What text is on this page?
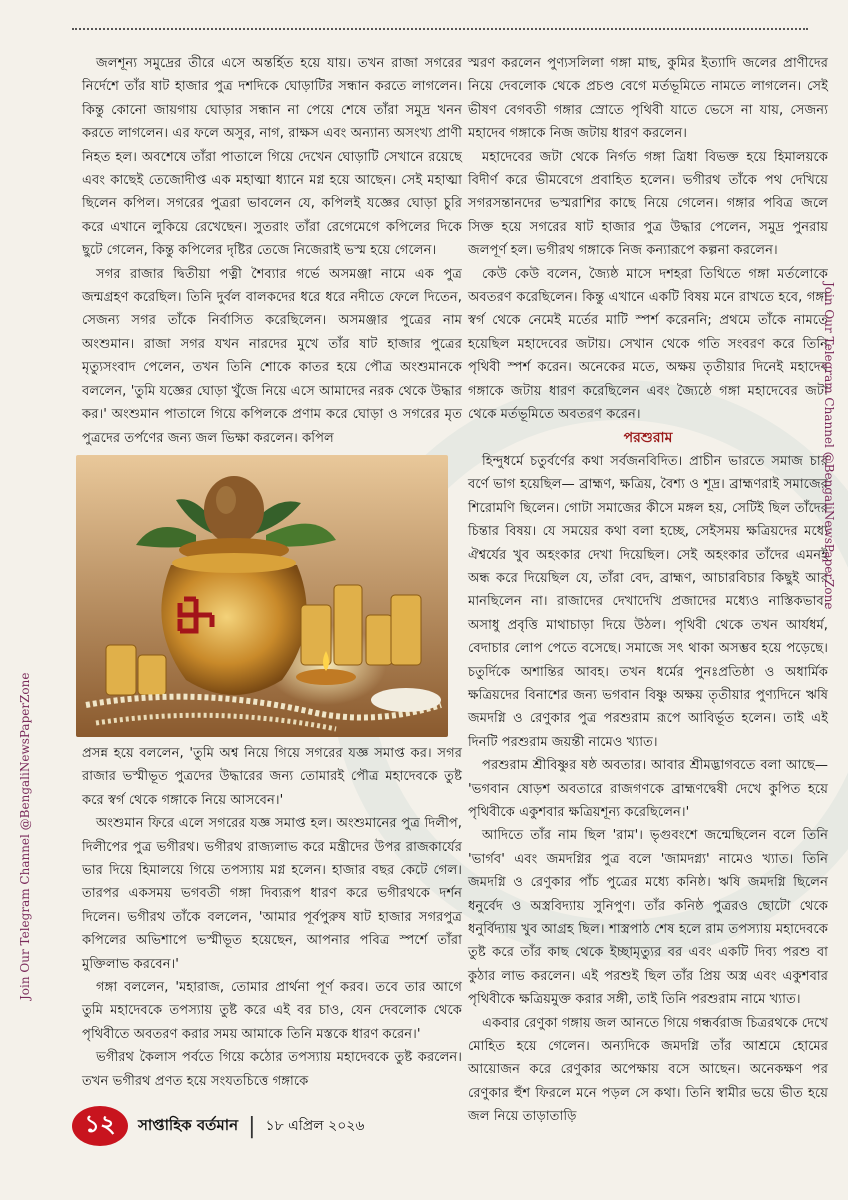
জলশূন্য সমুদ্রের তীরে এসে অন্তর্হিত হয়ে যায়। তখন রাজা সগরের নির্দেশে তাঁর ষাট হাজার পুত্র দশদিকে ঘোড়াটির সন্ধান করতে লাগলেন। কিন্তু কোনো জায়গায় ঘোড়ার সন্ধান না পেয়ে শেষে তাঁরা সমুদ্র খনন করতে লাগলেন। এর ফলে অসুর, নাগ, রাক্ষস এবং অন্যান্য অসংখ্য প্রাণী নিহত হল। অবশেষে তাঁরা পাতালে গিয়ে দেখেন ঘোড়াটি সেখানে রয়েছে এবং কাছেই তেজোদীপ্ত এক মহাত্মা ধ্যানে মগ্ন হয়ে আছেন। সেই মহাত্মা ছিলেন কপিল। সগরের পুত্ররা ভাবলেন যে, কপিলই যজ্ঞের ঘোড়া চুরি করে এখানে লুকিয়ে রেখেছেন। সুতরাং তাঁরা রেগেমেগে কপিলের দিকে ছুটে গেলেন, কিন্তু কপিলের দৃষ্টির তেজে নিজেরাই ভস্ম হয়ে গেলেন।

সগর রাজার দ্বিতীয়া পত্নী শৈব্যার গর্ভে অসমঞ্জা নামে এক পুত্র জন্মগ্রহণ করেছিল। তিনি দুর্বল বালকদের ধরে ধরে নদীতে ফেলে দিতেন, সেজন্য সগর তাঁকে নির্বাসিত করেছিলেন। অসমঞ্জার পুত্রের নাম অংশুমান। রাজা সগর যখন নারদের মুখে তাঁর ষাট হাজার পুত্রের মৃত্যুসংবাদ পেলেন, তখন তিনি শোকে কাতর হয়ে পৌত্র অংশুমানকে বললেন, 'তুমি যজ্ঞের ঘোড়া খুঁজে নিয়ে এসে আমাদের নরক থেকে উদ্ধার কর।' অংশুমান পাতালে গিয়ে কপিলকে প্রণাম করে ঘোড়া ও সগরের মৃত পুত্রদের তর্পণের জন্য জল ভিক্ষা করলেন। কপিল

প্রসন্ন হয়ে বললেন, 'তুমি অশ্ব নিয়ে গিয়ে সগরের যজ্ঞ সমাপ্ত কর। সগর রাজার ভস্মীভূত পুত্রদের উদ্ধারের জন্য তোমারই পৌত্র মহাদেবকে তুষ্ট করে স্বর্গ থেকে গঙ্গাকে নিয়ে আসবেন।'

অংশুমান ফিরে এলে সগরের যজ্ঞ সমাপ্ত হল। অংশুমানের পুত্র দিলীপ, দিলীপের পুত্র ভগীরথ। ভগীরথ রাজ্যলাভ করে মন্ত্রীদের উপর রাজকার্যের ভার দিয়ে হিমালয়ে গিয়ে তপস্যায় মগ্ন হলেন। হাজার বছর কেটে গেল। তারপর একসময় ভগবতী গঙ্গা দিব্যরূপ ধারণ করে ভগীরথকে দর্শন দিলেন। ভগীরথ তাঁকে বললেন, 'আমার পূর্বপুরুষ ষাট হাজার সগরপুত্র কপিলের অভিশাপে ভস্মীভূত হয়েছেন, আপনার পবিত্র স্পর্শে তাঁরা মুক্তিলাভ করবেন।'

গঙ্গা বললেন, 'মহারাজ, তোমার প্রার্থনা পূর্ণ করব। তবে তার আগে তুমি মহাদেবকে তপস্যায় তুষ্ট করে এই বর চাও, যেন দেবলোক থেকে পৃথিবীতে অবতরণ করার সময় আমাকে তিনি মস্তকে ধারণ করেন।'

ভগীরথ কৈলাস পর্বতে গিয়ে কঠোর তপস্যায় মহাদেবকে তুষ্ট করলেন। তখন ভগীরথ প্রণত হয়ে সংযতচিত্তে গঙ্গাকে

স্মরণ করলেন পুণ্যসলিলা গঙ্গা মাছ, কুমির ইত্যাদি জলের প্রাণীদের নিয়ে দেবলোক থেকে প্রচণ্ড বেগে মর্তভূমিতে নামতে লাগলেন। সেই ভীষণ বেগবতী গঙ্গার স্রোতে পৃথিবী যাতে ভেসে না যায়, সেজন্য মহাদেব গঙ্গাকে নিজ জটায় ধারণ করলেন।

মহাদেবের জটা থেকে নির্গত গঙ্গা ত্রিধা বিভক্ত হয়ে হিমালয়কে বিদীর্ণ করে ভীমবেগে প্রবাহিত হলেন। ভগীরথ তাঁকে পথ দেখিয়ে সগরসন্তানদের ভস্মরাশির কাছে নিয়ে গেলেন। গঙ্গার পবিত্র জলে সিক্ত হয়ে সগরের ষাট হাজার পুত্র উদ্ধার পেলেন, সমুদ্র পুনরায় জলপূর্ণ হল। ভগীরথ গঙ্গাকে নিজ কন্যারূপে কল্পনা করলেন।

কেউ কেউ বলেন, জ্যৈষ্ঠ মাসে দশহরা তিথিতে গঙ্গা মর্তলোকে অবতরণ করেছিলেন। কিন্তু এখানে একটি বিষয় মনে রাখতে হবে, গঙ্গা স্বর্গ থেকে নেমেই মর্তের মাটি স্পর্শ করেননি; প্রথমে তাঁকে নামতে হয়েছিল মহাদেবের জটায়। সেখান থেকে গতি সংবরণ করে তিনি পৃথিবী স্পর্শ করেন। অনেকের মতে, অক্ষয় তৃতীয়ার দিনেই মহাদেব গঙ্গাকে জটায় ধারণ করেছিলেন এবং জ্যৈষ্ঠে গঙ্গা মহাদেবের জটা থেকে মর্তভূমিতে অবতরণ করেন।

পরশুরাম

হিন্দুধর্মে চতুর্বর্ণের কথা সর্বজনবিদিত। প্রাচীন ভারতে সমাজ চার বর্ণে ভাগ হয়েছিল— ব্রাহ্মণ, ক্ষত্রিয়, বৈশ্য ও শূদ্র। ব্রাহ্মণরাই সমাজের শিরোমণি ছিলেন। গোটা সমাজের কীসে মঙ্গল হয়, সেটিই ছিল তাঁদের চিন্তার বিষয়। যে সময়ের কথা বলা হচ্ছে, সেইসময় ক্ষত্রিয়দের মধ্যে ঐশ্বর্যের খুব অহংকার দেখা দিয়েছিল। সেই অহংকার তাঁদের এমনই অন্ধ করে দিয়েছিল যে, তাঁরা বেদ, ব্রাহ্মণ, আচারবিচার কিছুই আর মানছিলেন না। রাজাদের দেখাদেখি প্রজাদের মধ্যেও নাস্তিকভাব, অসাধু প্রবৃত্তি মাথাচাড়া দিয়ে উঠল। পৃথিবী থেকে তখন আর্যধর্ম, বেদাচার লোপ পেতে বসেছে। সমাজে সৎ থাকা অসম্ভব হয়ে পড়েছে। চতুর্দিকে অশান্তির আবহ। তখন ধর্মের পুনঃপ্রতিষ্ঠা ও অধার্মিক ক্ষত্রিয়দের বিনাশের জন্য ভগবান বিষ্ণু অক্ষয় তৃতীয়ার পুণ্যদিনে ঋষি জমদগ্নি ও রেণুকার পুত্র পরশুরাম রূপে আবির্ভূত হলেন। তাই এই দিনটি পরশুরাম জয়ন্তী নামেও খ্যাত।

পরশুরাম শ্রীবিষ্ণুর ষষ্ঠ অবতার। আবার শ্রীমদ্ভাগবতে বলা আছে— 'ভগবান ষোড়শ অবতারে রাজগণকে ব্রাহ্মণদ্বেষী দেখে কুপিত হয়ে পৃথিবীকে একুশবার ক্ষত্রিয়শূন্য করেছিলেন।'

আদিতে তাঁর নাম ছিল 'রাম'। ভৃগুবংশে জন্মেছিলেন বলে তিনি 'ভার্গব' এবং জমদগ্নির পুত্র বলে 'জামদগ্ন্য' নামেও খ্যাত। তিনি জমদগ্নি ও রেণুকার পাঁচ পুত্রের মধ্যে কনিষ্ঠ। ঋষি জমদগ্নি ছিলেন ধনুর্বেদ ও অস্ত্রবিদ্যায় সুনিপুণ। তাঁর কনিষ্ঠ পুত্ররও ছোটো থেকে ধনুর্বিদ্যায় খুব আগ্রহ ছিল। শাস্ত্রপাঠ শেষ হলে রাম তপস্যায় মহাদেবকে তুষ্ট করে তাঁর কাছ থেকে ইচ্ছামৃত্যুর বর এবং একটি দিব্য পরশু বা কুঠার লাভ করলেন। এই পরশুই ছিল তাঁর প্রিয় অস্ত্র এবং একুশবার পৃথিবীকে ক্ষত্রিয়মুক্ত করার সঙ্গী, তাই তিনি পরশুরাম নামে খ্যাত।

একবার রেণুকা গঙ্গায় জল আনতে গিয়ে গন্ধর্বরাজ চিত্ররথকে দেখে মোহিত হয়ে গেলেন। অন্যদিকে জমদগ্নি তাঁর আশ্রমে হোমের আয়োজন করে রেণুকার অপেক্ষায় বসে আছেন। অনেকক্ষণ পর রেণুকার হুঁশ ফিরলে মনে পড়ল সে কথা। তিনি স্বামীর ভয়ে ভীত হয়ে জল নিয়ে তাড়াতাড়ি

Join Our Telegram Channel @BengaliNewsPaperZone
Join Our Telegram Channel @BengaliNewsPaperZone
১২	সাপ্তাহিক বর্তমান | ১৮ এপ্রিল ২০২৬
